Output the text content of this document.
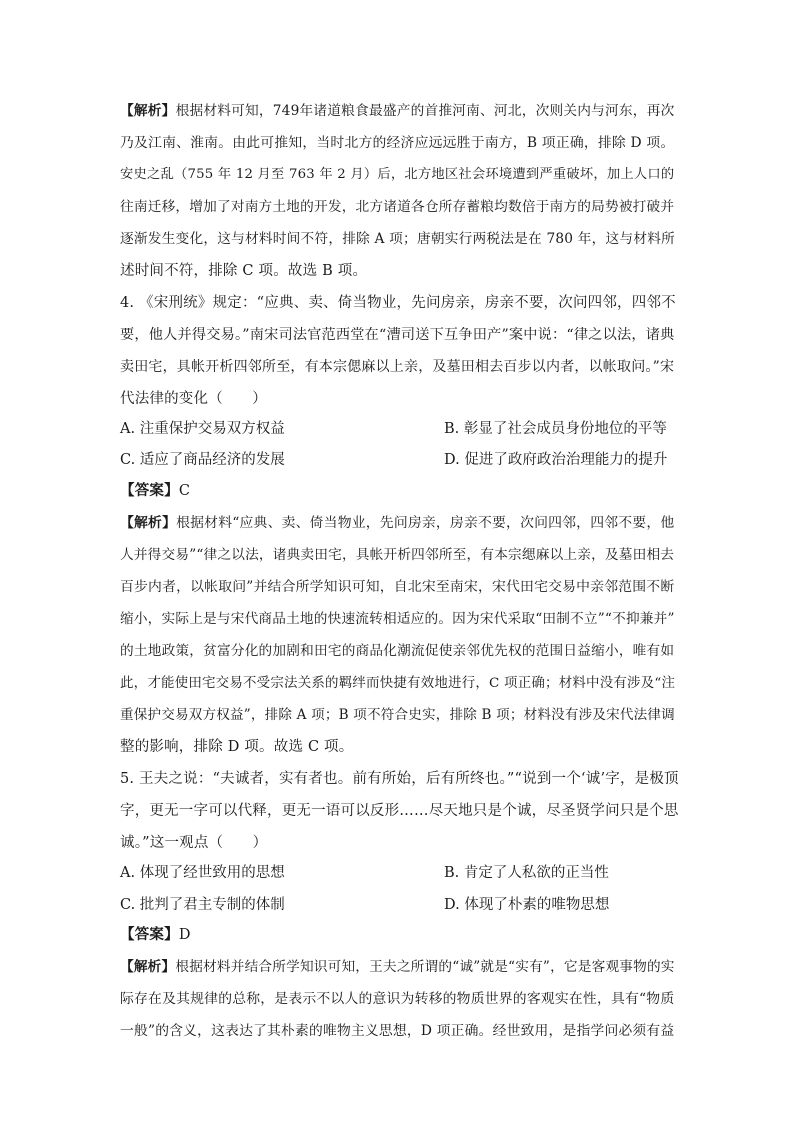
【解析】根据材料可知，749年诸道粮食最盛产的首推河南、河北，次则关内与河东，再次
乃及江南、淮南。由此可推知，当时北方的经济应远远胜于南方，B 项正确，排除 D 项。
安史之乱（755 年 12 月至 763 年 2 月）后，北方地区社会环境遭到严重破坏，加上人口的
往南迁移，增加了对南方土地的开发，北方诸道各仓所存蓄粮均数倍于南方的局势被打破并
逐渐发生变化，这与材料时间不符，排除 A 项；唐朝实行两税法是在 780 年，这与材料所
述时间不符，排除 C 项。故选 B 项。
4. 《宋刑统》规定：“应典、卖、倚当物业，先问房亲，房亲不要，次问四邻，四邻不
要，他人并得交易。”南宋司法官范西堂在“漕司送下互争田产”案中说：“律之以法，诸典
卖田宅，具帐开析四邻所至，有本宗偲麻以上亲，及墓田相去百步以内者，以帐取问。”宋
代法律的变化（　　）
A. 注重保护交易双方权益	B. 彰显了社会成员身份地位的平等
C. 适应了商品经济的发展	D. 促进了政府政治治理能力的提升
【答案】C
【解析】根据材料“应典、卖、倚当物业，先问房亲，房亲不要，次问四邻，四邻不要，他
人并得交易”“律之以法，诸典卖田宅，具帐开析四邻所至，有本宗缌麻以上亲，及墓田相去
百步内者，以帐取问”并结合所学知识可知，自北宋至南宋，宋代田宅交易中亲邻范围不断
缩小，实际上是与宋代商品土地的快速流转相适应的。因为宋代采取“田制不立”“不抑兼并”
的土地政策，贫富分化的加剧和田宅的商品化潮流促使亲邻优先权的范围日益缩小，唯有如
此，才能使田宅交易不受宗法关系的羁绊而快捷有效地进行，C 项正确；材料中没有涉及“注
重保护交易双方权益”，排除 A 项；B 项不符合史实，排除 B 项；材料没有涉及宋代法律调
整的影响，排除 D 项。故选 C 项。
5. 王夫之说：“夫诚者，实有者也。前有所始，后有所终也。”“说到一个‘诚’字，是极顶
字，更无一字可以代释，更无一语可以反形……尽天地只是个诚，尽圣贤学问只是个思
诚。”这一观点（　　）
A. 体现了经世致用的思想	B. 肯定了人私欲的正当性
C. 批判了君主专制的体制	D. 体现了朴素的唯物思想
【答案】D
【解析】根据材料并结合所学知识可知，王夫之所谓的“诚”就是“实有”，它是客观事物的实
际存在及其规律的总称，是表示不以人的意识为转移的物质世界的客观实在性，具有“物质
一般”的含义，这表达了其朴素的唯物主义思想，D 项正确。经世致用，是指学问必须有益
